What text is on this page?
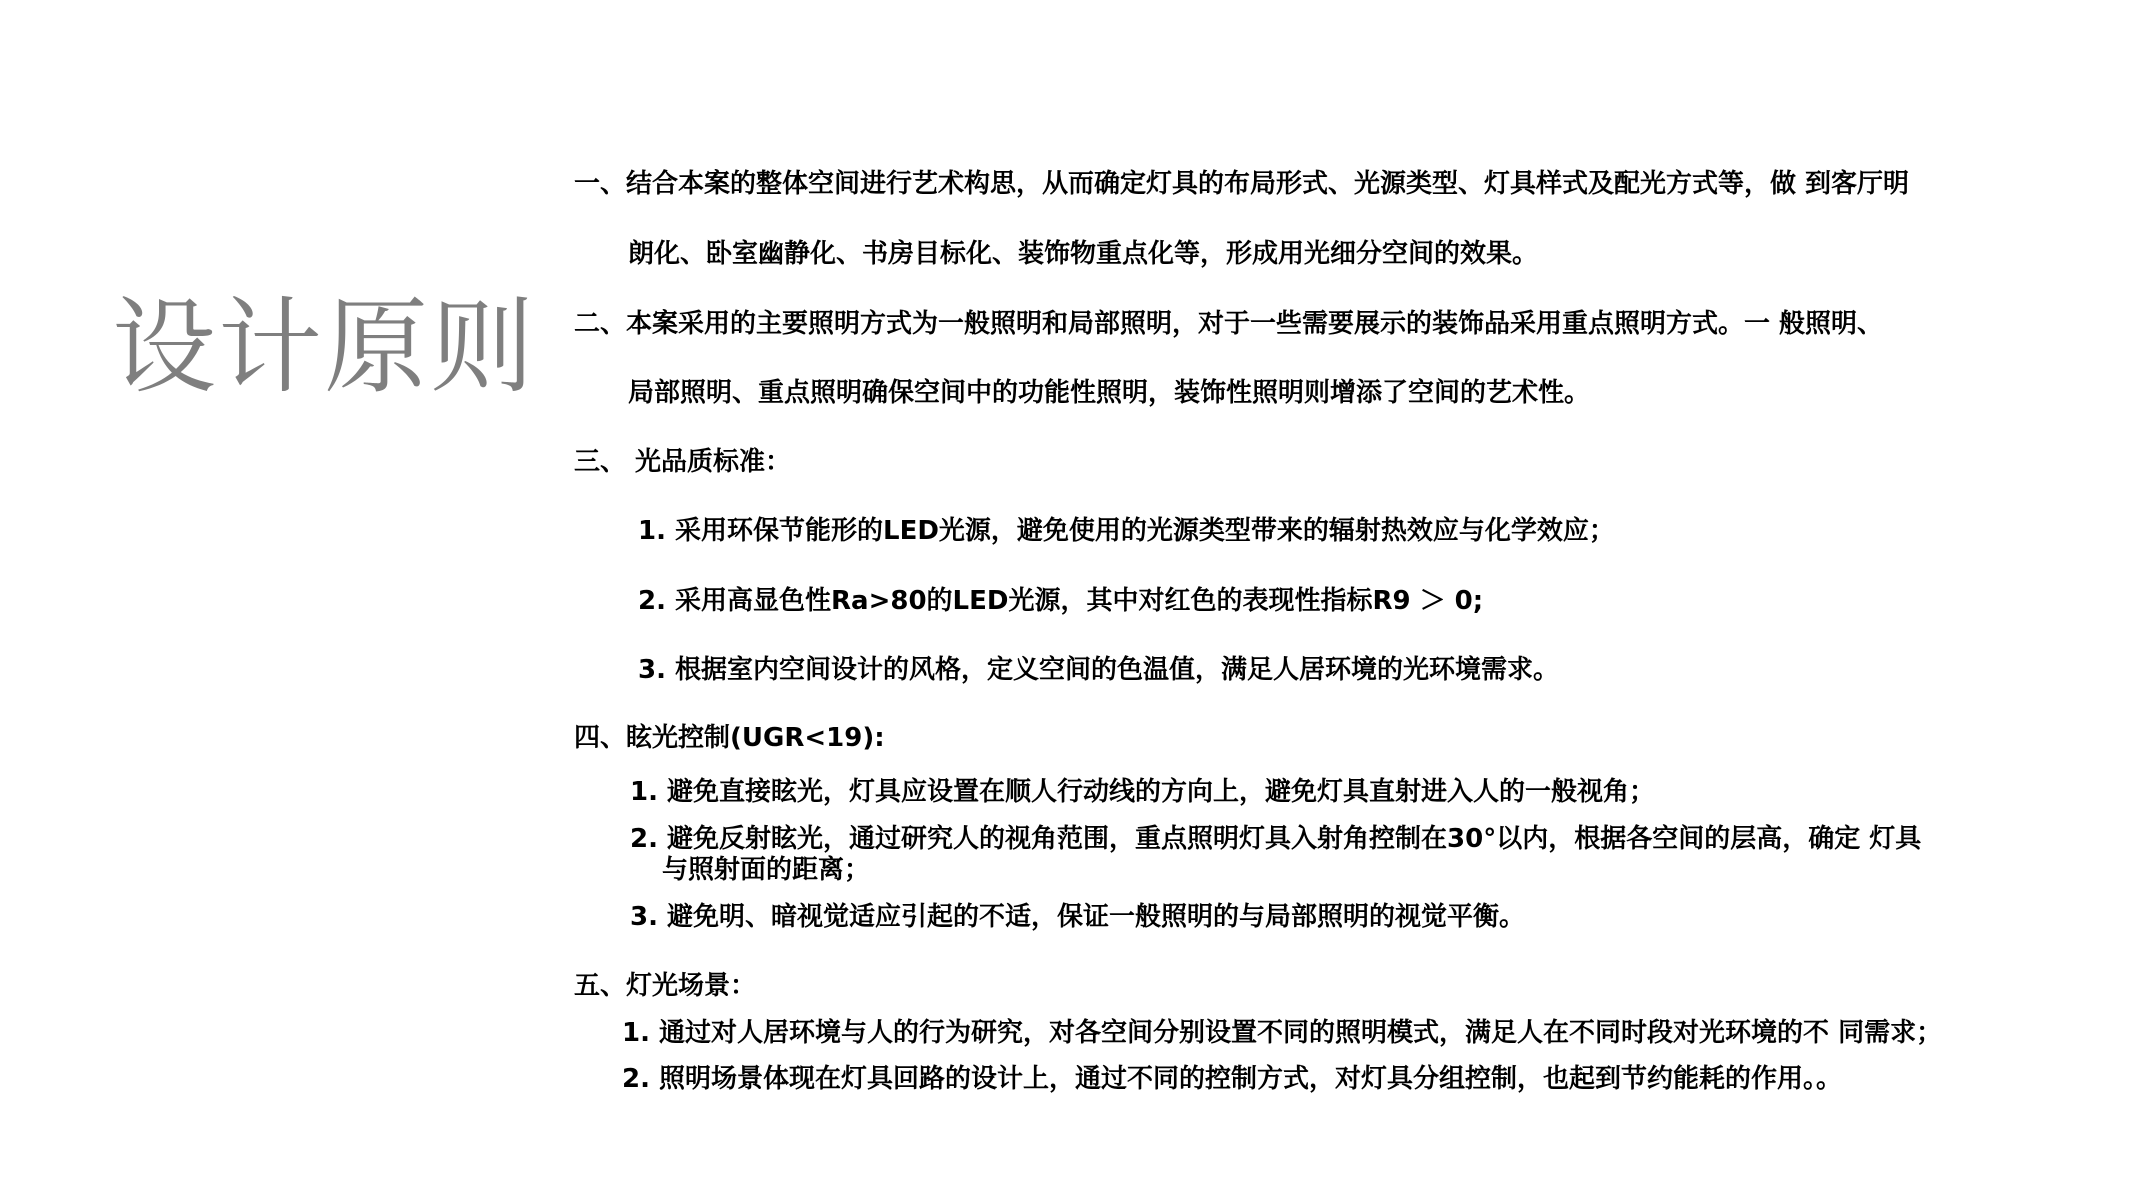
设计原则
一、结合本案的整体空间进行艺术构思，从而确定灯具的布局形式、光源类型、灯具样式及配光方式等，做 到客厅明
朗化、卧室幽静化、书房目标化、装饰物重点化等，形成用光细分空间的效果。
二、本案采用的主要照明方式为一般照明和局部照明，对于一些需要展示的装饰品采用重点照明方式。一 般照明、
局部照明、重点照明确保空间中的功能性照明，装饰性照明则增添了空间的艺术性。
三、 光品质标准：
1. 采用环保节能形的LED光源，避免使用的光源类型带来的辐射热效应与化学效应；
2. 采用高显色性Ra>80的LED光源，其中对红色的表现性指标R9 ＞ 0;
3. 根据室内空间设计的风格，定义空间的色温值，满足人居环境的光环境需求。
四、眩光控制(UGR<19):
1. 避免直接眩光，灯具应设置在顺人行动线的方向上，避免灯具直射进入人的一般视角；
2. 避免反射眩光，通过研究人的视角范围，重点照明灯具入射角控制在30°以内，根据各空间的层高，确定 灯具
与照射面的距离；
3. 避免明、暗视觉适应引起的不适，保证一般照明的与局部照明的视觉平衡。
五、灯光场景：
1. 通过对人居环境与人的行为研究，对各空间分别设置不同的照明模式，满足人在不同时段对光环境的不 同需求；
2. 照明场景体现在灯具回路的设计上，通过不同的控制方式，对灯具分组控制，也起到节约能耗的作用。。
